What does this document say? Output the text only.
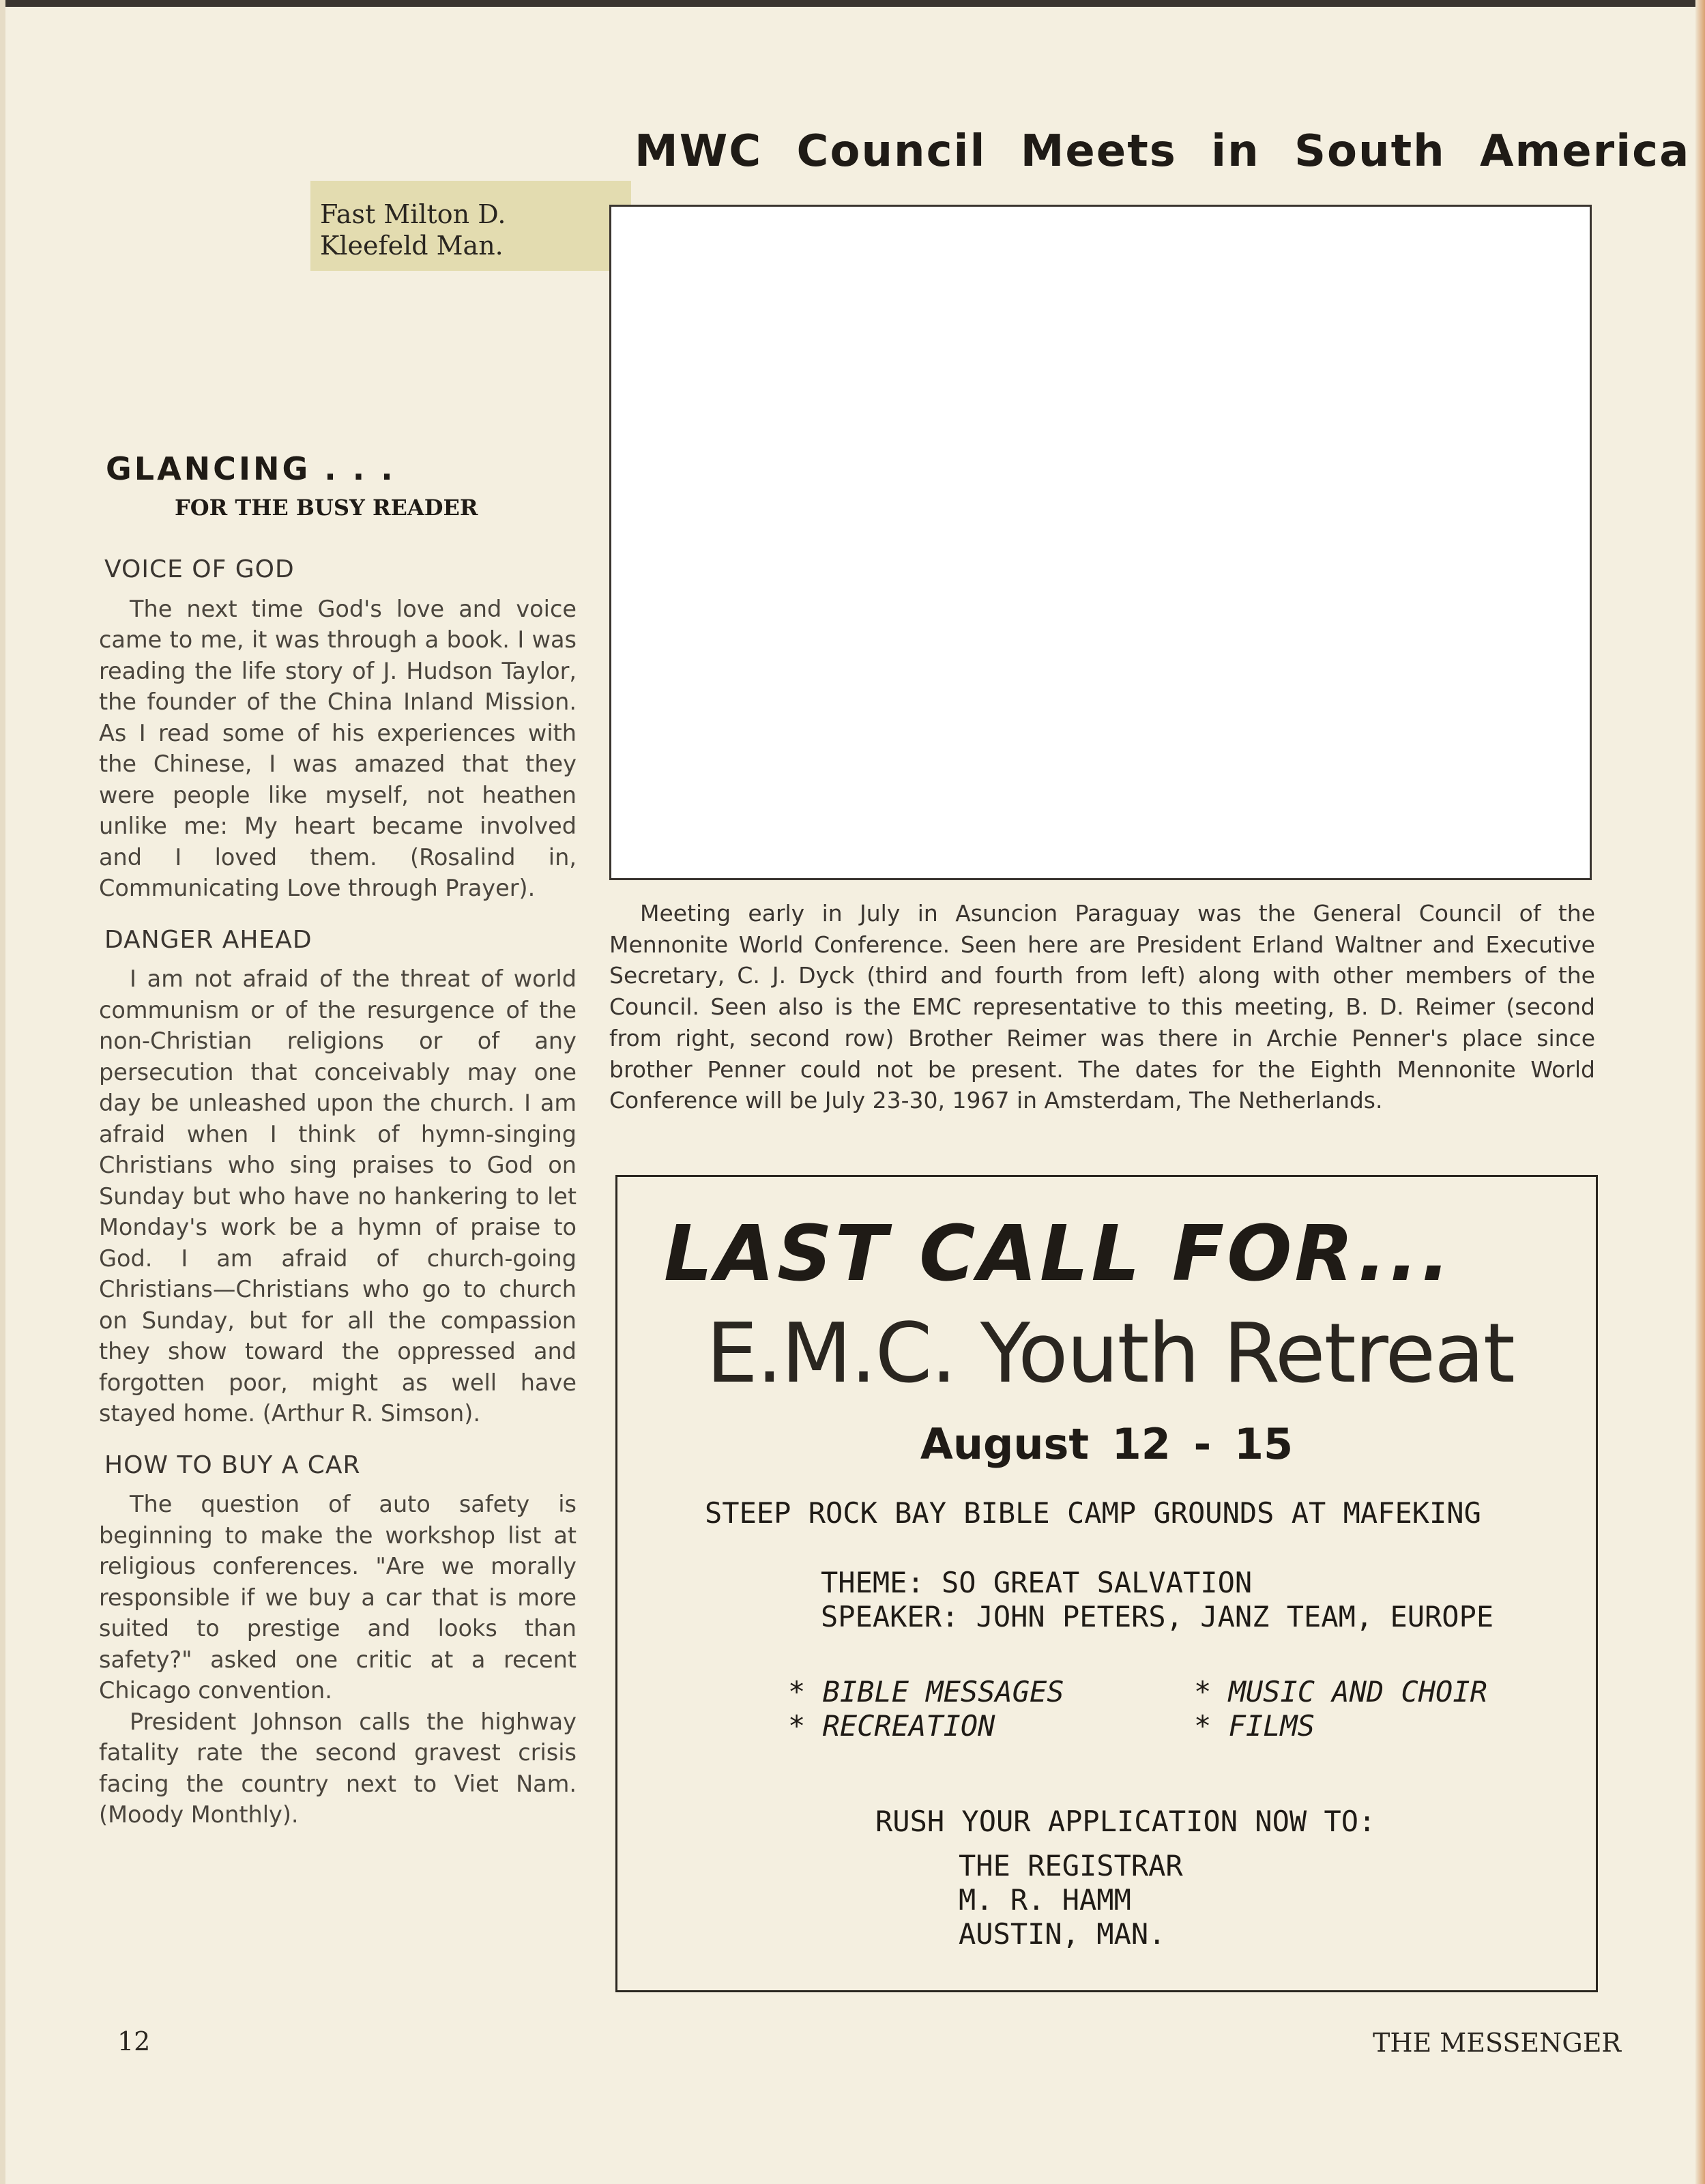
MWC Council Meets in South America
Fast Milton D.
Kleefeld Man.
GLANCING . . .
FOR THE BUSY READER
VOICE OF GOD

The next time God's love and voice came to me, it was through a book. I was reading the life story of J. Hudson Taylor, the founder of the China Inland Mission. As I read some of his experiences with the Chinese, I was amazed that they were people like myself, not heathen unlike me: My heart became involved and I loved them. (Rosalind in, Communicating Love through Prayer).

DANGER AHEAD

I am not afraid of the threat of world communism or of the resurgence of the non-Christian religions or of any persecution that conceivably may one day be unleashed upon the church. I am afraid when I think of hymn-singing Christians who sing praises to God on Sunday but who have no hankering to let Monday's work be a hymn of praise to God. I am afraid of church-going Christians—Christians who go to church on Sunday, but for all the compassion they show toward the oppressed and forgotten poor, might as well have stayed home. (Arthur R. Simson).

HOW TO BUY A CAR

The question of auto safety is beginning to make the workshop list at religious conferences. "Are we morally responsible if we buy a car that is more suited to prestige and looks than safety?" asked one critic at a recent Chicago convention.

President Johnson calls the highway fatality rate the second gravest crisis facing the country next to Viet Nam. (Moody Monthly).

Meeting early in July in Asuncion Paraguay was the General Council of the Mennonite World Conference. Seen here are President Erland Waltner and Executive Secretary, C. J. Dyck (third and fourth from left) along with other members of the Council. Seen also is the EMC representative to this meeting, B. D. Reimer (second from right, second row) Brother Reimer was there in Archie Penner's place since brother Penner could not be present. The dates for the Eighth Mennonite World Conference will be July 23-30, 1967 in Amsterdam, The Netherlands.
LAST CALL FOR...
E.M.C. Youth Retreat
August 12 - 15
STEEP ROCK BAY BIBLE CAMP GROUNDS AT MAFEKING
THEME: SO GREAT SALVATION
SPEAKER: JOHN PETERS, JANZ TEAM, EUROPE
* BIBLE MESSAGES	* MUSIC AND CHOIR
* RECREATION	* FILMS
RUSH YOUR APPLICATION NOW TO:
THE REGISTRAR
M. R. HAMM
AUSTIN, MAN.
12	THE MESSENGER
